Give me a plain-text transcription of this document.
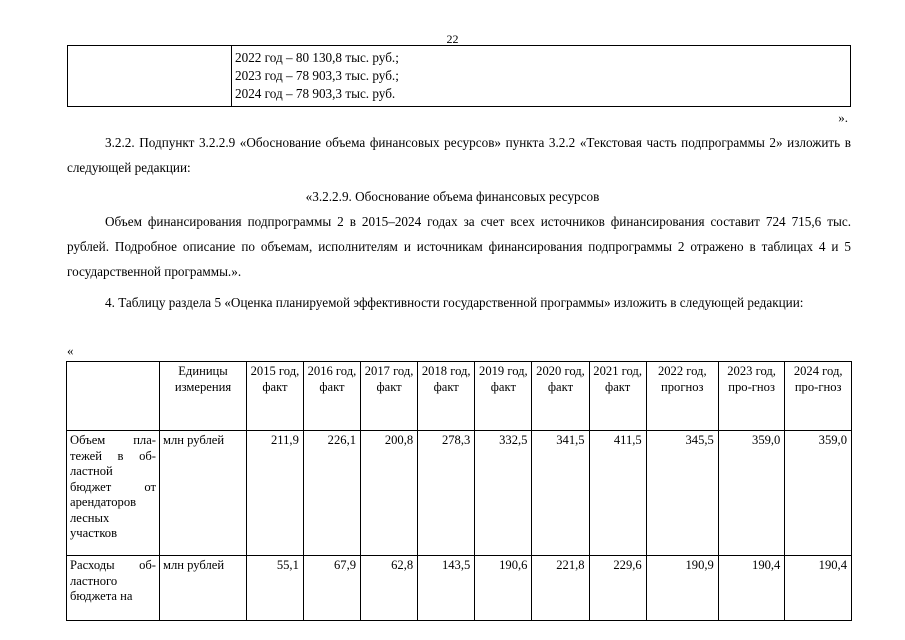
22

2022 год – 80 130,8 тыс. руб.;
2023 год – 78 903,3 тыс. руб.;
2024 год – 78 903,3 тыс. руб.
».
3.2.2. Подпункт 3.2.2.9 «Обоснование объема финансовых ресурсов» пункта 3.2.2 «Текстовая часть подпрограммы 2» изложить в следующей редакции:
«3.2.2.9. Обоснование объема финансовых ресурсов
Объем финансирования подпрограммы 2 в 2015–2024 годах за счет всех источников финансирования составит 724 715,6 тыс. рублей. Подробное описание по объемам, исполнителям и источникам финансирования подпрограммы 2 отражено в таблицах 4 и 5 государственной программы.».
4. Таблицу раздела 5 «Оценка планируемой эффективности государственной программы» изложить в следующей редакции:
«
	Единицы измерения	2015 год, факт	2016 год, факт	2017 год, факт	2018 год, факт	2019 год, факт	2020 год, факт	2021 год, факт	2022 год, прогноз	2023 год, про-гноз	2024 год, про-гноз
Объем пла-тежей в об-ластной бюджет от арендаторов лесных участков	млн рублей	211,9	226,1	200,8	278,3	332,5	341,5	411,5	345,5	359,0	359,0
Расходы об-ластного бюджета на	млн рублей	55,1	67,9	62,8	143,5	190,6	221,8	229,6	190,9	190,4	190,4
